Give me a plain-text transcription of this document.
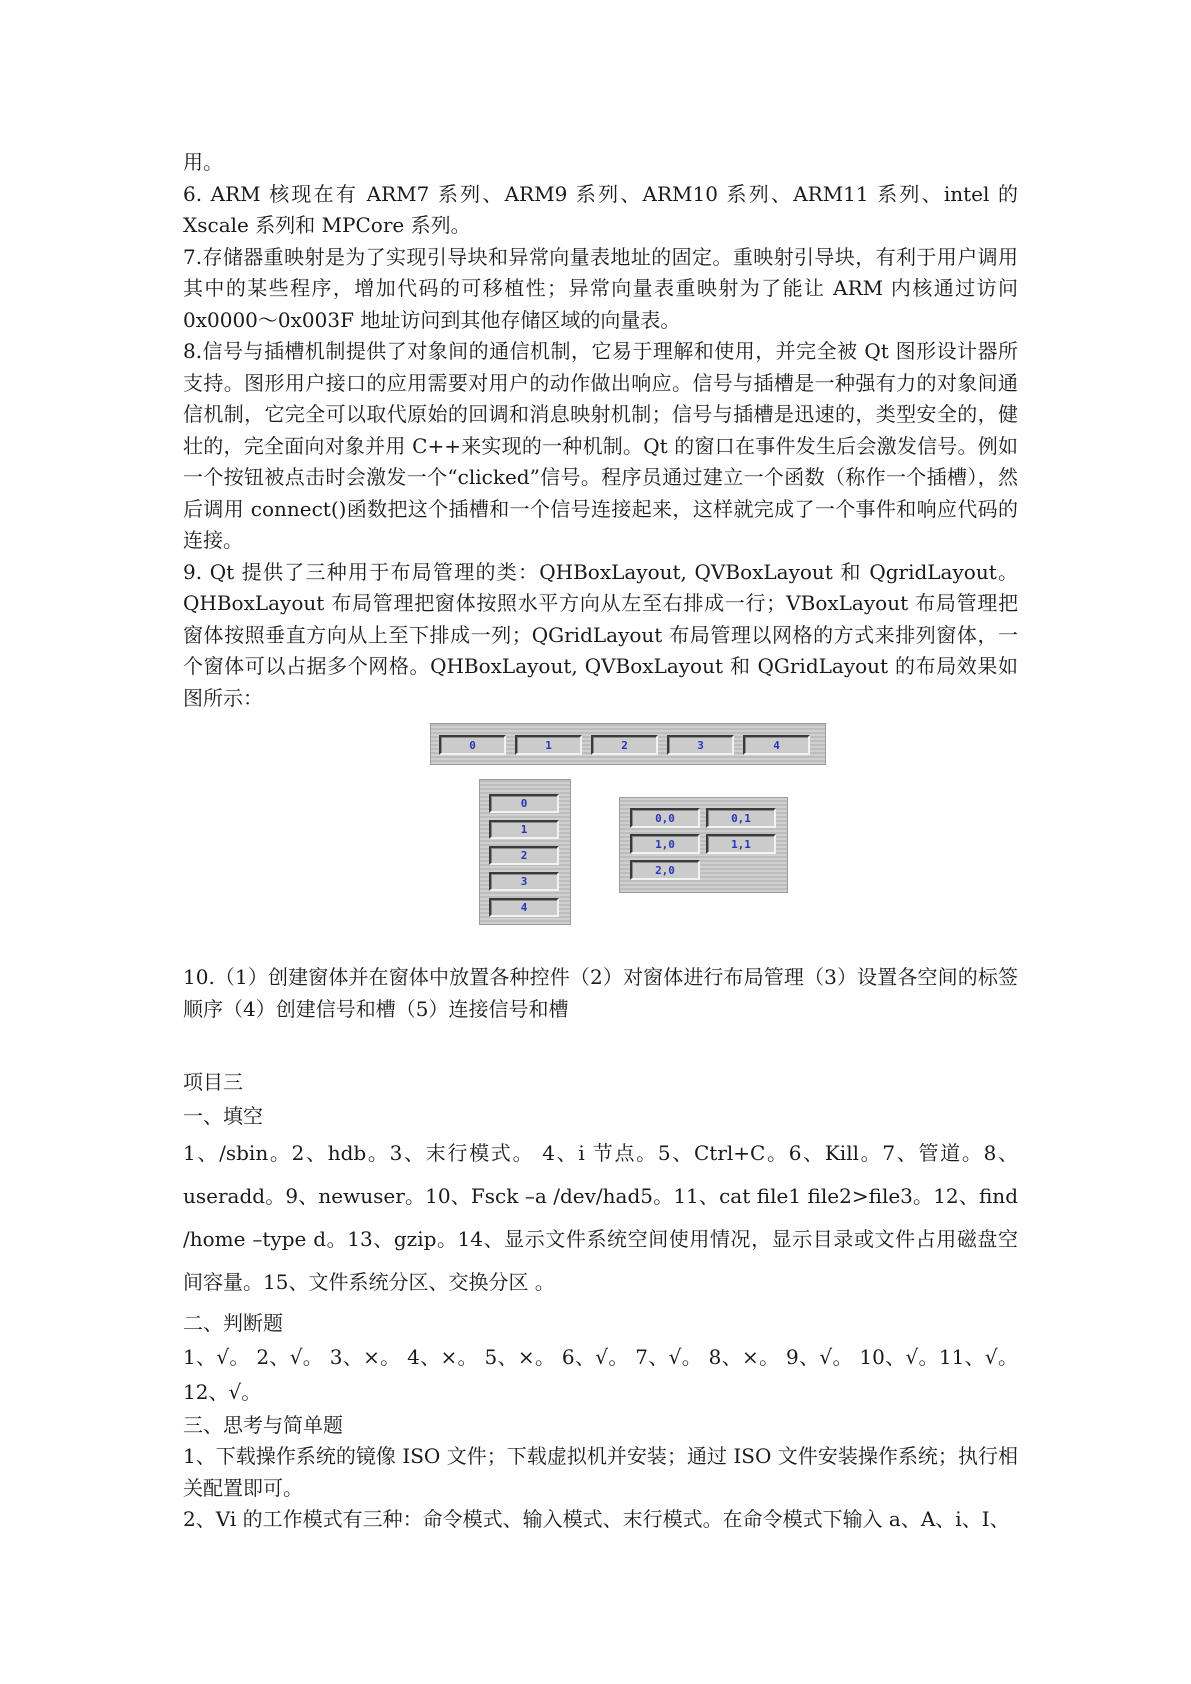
用。

6. ARM 核现在有 ARM7 系列、ARM9 系列、ARM10 系列、ARM11 系列、intel 的 Xscale 系列和 MPCore 系列。

7.存储器重映射是为了实现引导块和异常向量表地址的固定。重映射引导块，有利于用户调用其中的某些程序，增加代码的可移植性；异常向量表重映射为了能让 ARM 内核通过访问 0x0000～0x003F 地址访问到其他存储区域的向量表。

8.信号与插槽机制提供了对象间的通信机制，它易于理解和使用，并完全被 Qt 图形设计器所支持。图形用户接口的应用需要对用户的动作做出响应。信号与插槽是一种强有力的对象间通信机制，它完全可以取代原始的回调和消息映射机制；信号与插槽是迅速的，类型安全的，健壮的，完全面向对象并用 C++来实现的一种机制。Qt 的窗口在事件发生后会激发信号。例如一个按钮被点击时会激发一个“clicked”信号。程序员通过建立一个函数（称作一个插槽），然后调用 connect()函数把这个插槽和一个信号连接起来，这样就完成了一个事件和响应代码的连接。

9. Qt 提供了三种用于布局管理的类：QHBoxLayout, QVBoxLayout 和 QgridLayout。QHBoxLayout 布局管理把窗体按照水平方向从左至右排成一行；VBoxLayout 布局管理把窗体按照垂直方向从上至下排成一列；QGridLayout 布局管理以网格的方式来排列窗体，一个窗体可以占据多个网格。QHBoxLayout, QVBoxLayout 和 QGridLayout 的布局效果如图所示：

0	1	2	3	4
0
1
2
3
4
0,0	0,1
1,0	1,1
2,0

10.（1）创建窗体并在窗体中放置各种控件（2）对窗体进行布局管理（3）设置各空间的标签顺序（4）创建信号和槽（5）连接信号和槽

项目三

一、填空

1、/sbin。2、hdb。3、末行模式。 4、i 节点。5、Ctrl+C。6、Kill。7、管道。8、useradd。9、newuser。10、Fsck –a /dev/had5。11、cat file1 file2>file3。12、find /home –type d。13、gzip。14、显示文件系统空间使用情况，显示目录或文件占用磁盘空间容量。15、文件系统分区、交换分区 。

二、判断题

1、√。 2、√。 3、×。 4、×。 5、×。 6、√。 7、√。 8、×。 9、√。 10、√。11、√。 12、√。

三、思考与简单题

1、下载操作系统的镜像 ISO 文件；下载虚拟机并安装；通过 ISO 文件安装操作系统；执行相关配置即可。

2、Vi 的工作模式有三种：命令模式、输入模式、末行模式。在命令模式下输入 a、A、i、I、
